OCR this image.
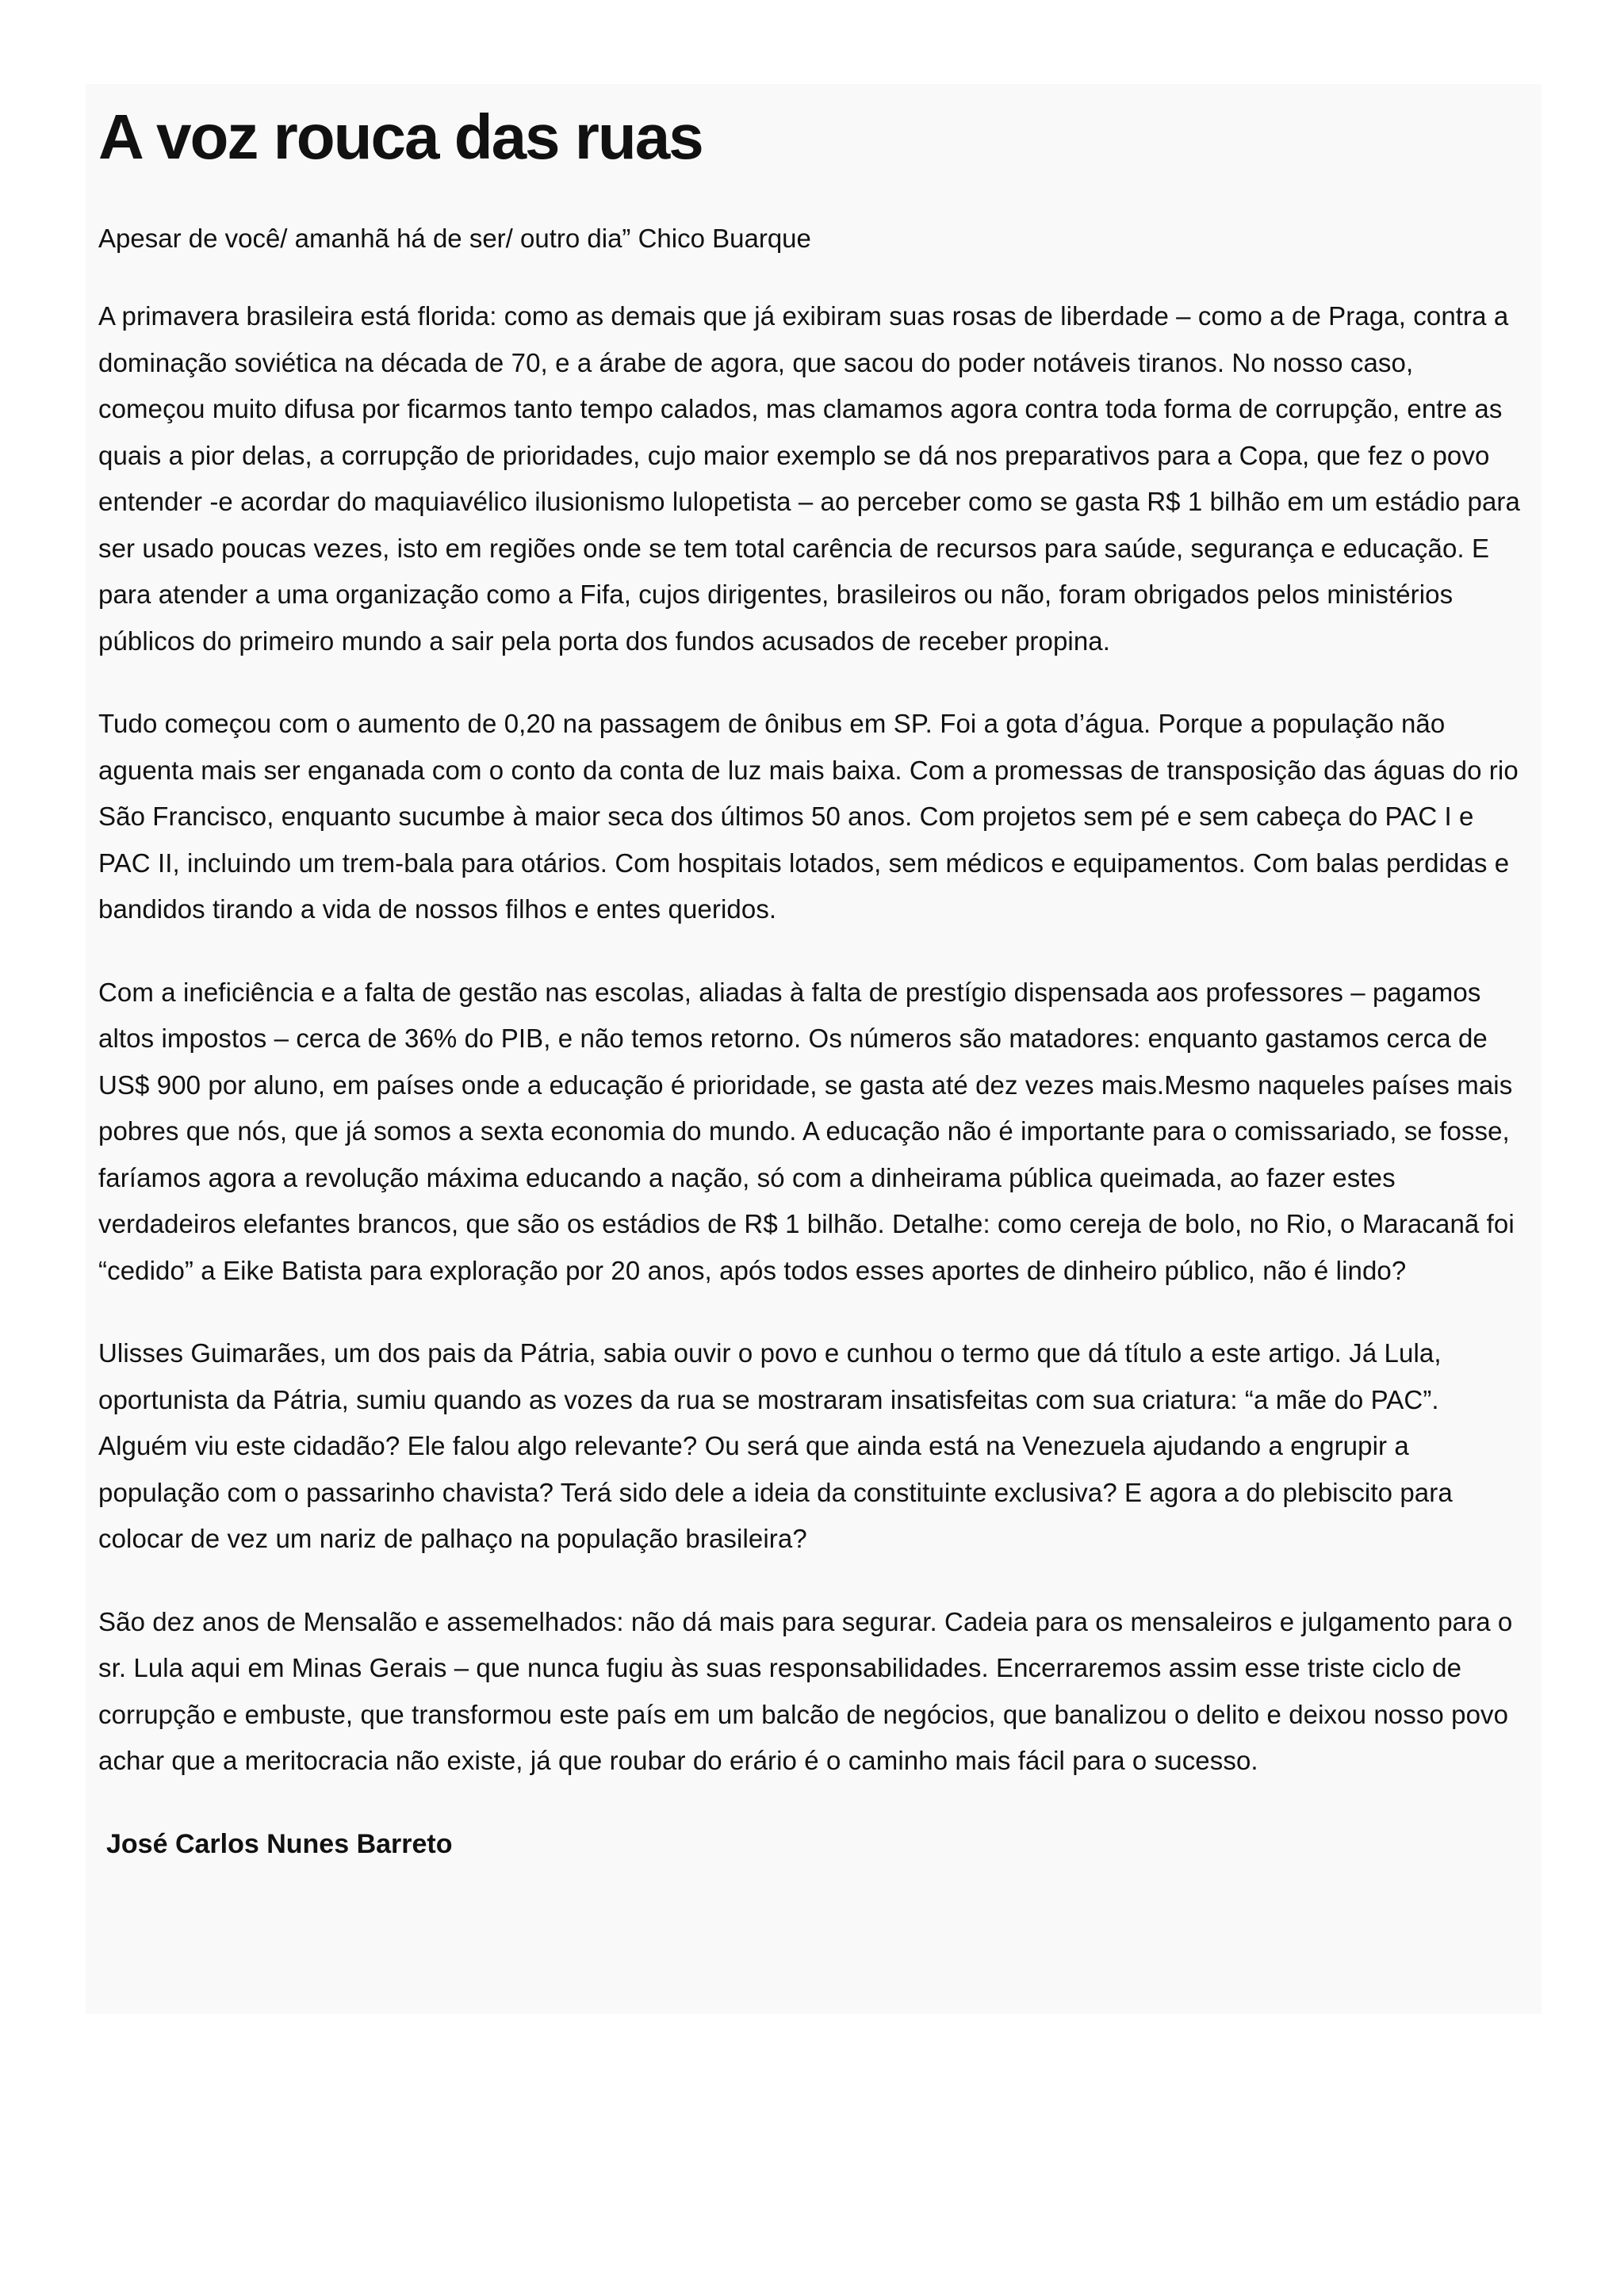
A voz rouca das ruas

Apesar de você/ amanhã há de ser/ outro dia” Chico Buarque

A primavera brasileira está florida: como as demais que já exibiram suas rosas de liberdade – como a de Praga, contra a dominação soviética na década de 70, e a árabe de agora, que sacou do poder notáveis tiranos. No nosso caso, começou muito difusa por ficarmos tanto tempo calados, mas clamamos agora contra toda forma de corrupção, entre as quais a pior delas, a corrupção de prioridades, cujo maior exemplo se dá nos preparativos para a Copa, que fez o povo entender -e acordar do maquiavélico ilusionismo lulopetista – ao perceber como se gasta R$ 1 bilhão em um estádio para ser usado poucas vezes, isto em regiões onde se tem total carência de recursos para saúde, segurança e educação. E para atender a uma organização como a Fifa, cujos dirigentes, brasileiros ou não, foram obrigados pelos ministérios públicos do primeiro mundo a sair pela porta dos fundos acusados de receber propina.

Tudo começou com o aumento de 0,20 na passagem de ônibus em SP. Foi a gota d’água. Porque a população não aguenta mais ser enganada com o conto da conta de luz mais baixa. Com a promessas de transposição das águas do rio São Francisco, enquanto sucumbe à maior seca dos últimos 50 anos. Com projetos sem pé e sem cabeça do PAC I e PAC II, incluindo um trem-bala para otários. Com hospitais lotados, sem médicos e equipamentos. Com balas perdidas e bandidos tirando a vida de nossos filhos e entes queridos.

Com a ineficiência e a falta de gestão nas escolas, aliadas à falta de prestígio dispensada aos professores – pagamos altos impostos – cerca de 36% do PIB, e não temos retorno. Os números são matadores: enquanto gastamos cerca de US$ 900 por aluno, em países onde a educação é prioridade, se gasta até dez vezes mais.Mesmo naqueles países mais pobres que nós, que já somos a sexta economia do mundo. A educação não é importante para o comissariado, se fosse, faríamos agora a revolução máxima educando a nação, só com a dinheirama pública queimada, ao fazer estes verdadeiros elefantes brancos, que são os estádios de R$ 1 bilhão. Detalhe: como cereja de bolo, no Rio, o Maracanã foi “cedido” a Eike Batista para exploração por 20 anos, após todos esses aportes de dinheiro público, não é lindo?

Ulisses Guimarães, um dos pais da Pátria, sabia ouvir o povo e cunhou o termo que dá título a este artigo. Já Lula, oportunista da Pátria, sumiu quando as vozes da rua se mostraram insatisfeitas com sua criatura: “a mãe do PAC”. Alguém viu este cidadão? Ele falou algo relevante? Ou será que ainda está na Venezuela ajudando a engrupir a população com o passarinho chavista? Terá sido dele a ideia da constituinte exclusiva? E agora a do plebiscito para colocar de vez um nariz de palhaço na população brasileira?

São dez anos de Mensalão e assemelhados: não dá mais para segurar. Cadeia para os mensaleiros e julgamento para o sr. Lula aqui em Minas Gerais – que nunca fugiu às suas responsabilidades. Encerraremos assim esse triste ciclo de corrupção e embuste, que transformou este país em um balcão de negócios, que banalizou o delito e deixou nosso povo achar que a meritocracia não existe, já que roubar do erário é o caminho mais fácil para o sucesso.

José Carlos Nunes Barreto
